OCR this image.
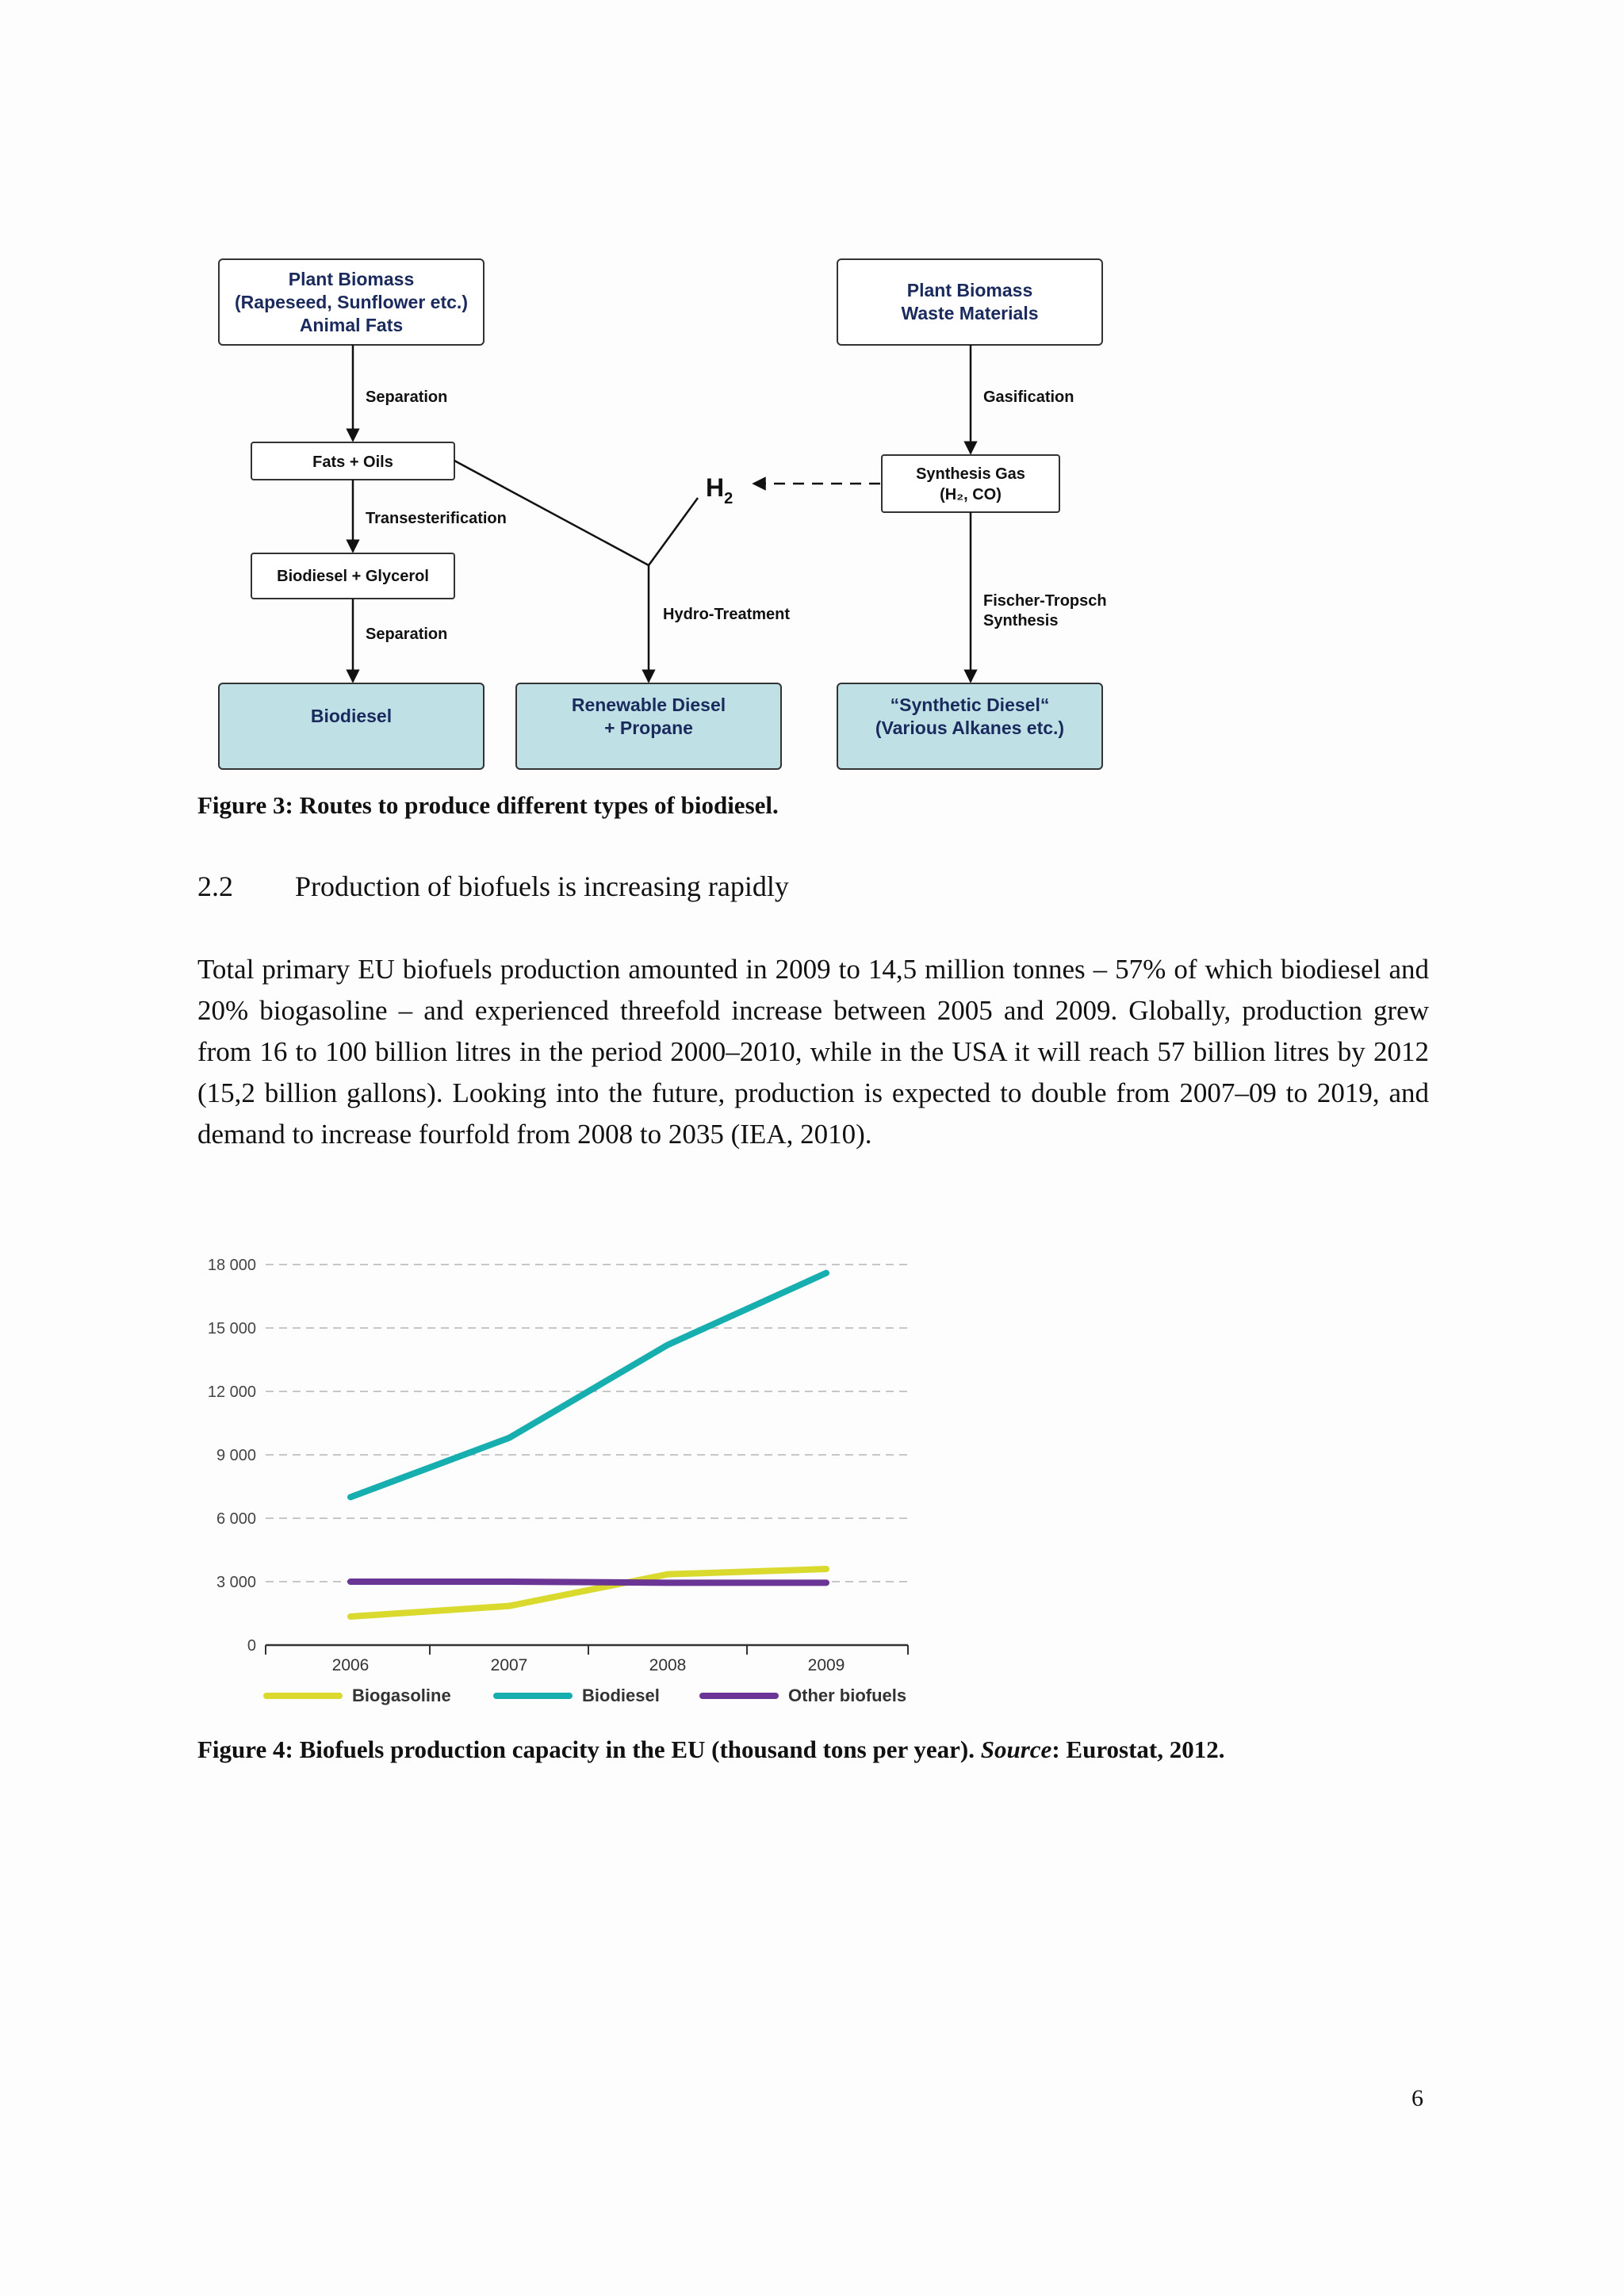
Plant Biomass
(Rapeseed, Sunflower etc.)
Animal Fats
Plant Biomass
Waste Materials
Biodiesel
Renewable Diesel
+ Propane
“Synthetic Diesel“
(Various Alkanes etc.)
Fats + Oils
Biodiesel + Glycerol
Synthesis Gas
(H₂, CO)
Separation
Transesterification
Separation
Gasification
Hydro-Treatment
Fischer-Tropsch
Synthesis
$H_2$
Figure 3: Routes to produce different types of biodiesel.
2.2 Production of biofuels is increasing rapidly
Total primary EU biofuels production amounted in 2009 to 14,5 million tonnes – 57% of which biodiesel and 20% biogasoline – and experienced threefold increase between 2005 and 2009. Globally, production grew from 16 to 100 billion litres in the period 2000–2010, while in the USA it will reach 57 billion litres by 2012 (15,2 billion gallons). Looking into the future, production is expected to double from 2007–09 to 2019, and demand to increase fourfold from 2008 to 2035 (IEA, 2010).
0
3 000
6 000
9 000
12 000
15 000
18 000
2006	2007	2008	2009
Biogasoline	Biodiesel	Other biofuels
Figure 4: Biofuels production capacity in the EU (thousand tons per year). Source: Eurostat, 2012.
6
